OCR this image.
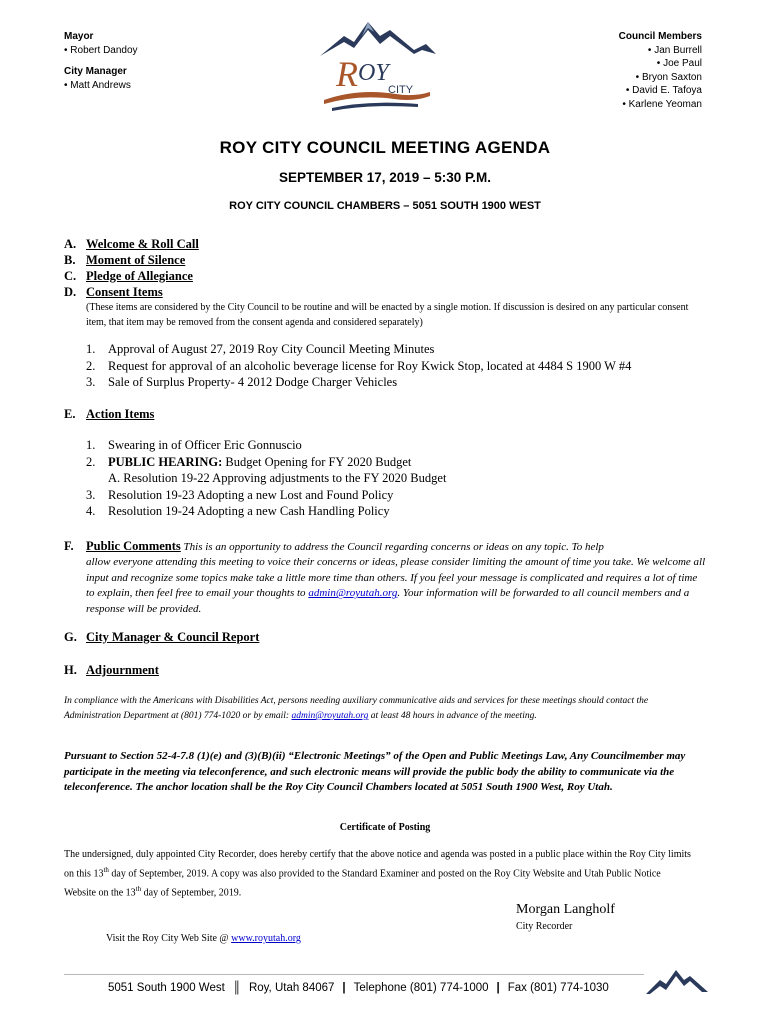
Mayor
• Robert Dandoy
City Manager
• Matt Andrews	R OY
CITY
Council Members
• Jan Burrell
• Joe Paul
• Bryon Saxton
• David E. Tafoya
• Karlene Yeoman
ROY CITY COUNCIL MEETING AGENDA
SEPTEMBER 17, 2019 – 5:30 P.M.
ROY CITY COUNCIL CHAMBERS – 5051 SOUTH 1900 WEST
A. Welcome & Roll Call
B. Moment of Silence
C. Pledge of Allegiance
D. Consent Items
(These items are considered by the City Council to be routine and will be enacted by a single motion. If discussion is desired on any particular consent item, that item may be removed from the consent agenda and considered separately)
1.	Approval of August 27, 2019 Roy City Council Meeting Minutes
2.	Request for approval of an alcoholic beverage license for Roy Kwick Stop, located at 4484 S 1900 W #4
3.	Sale of Surplus Property- 4 2012 Dodge Charger Vehicles
E. Action Items
1.	Swearing in of Officer Eric Gonnuscio
2.	PUBLIC HEARING: Budget Opening for FY 2020 Budget
A. Resolution 19-22 Approving adjustments to the FY 2020 Budget
3.	Resolution 19-23 Adopting a new Lost and Found Policy
4.	Resolution 19-24 Adopting a new Cash Handling Policy
F. Public Comments This is an opportunity to address the Council regarding concerns or ideas on any topic. To help
allow everyone attending this meeting to voice their concerns or ideas, please consider limiting the amount of time you take. We welcome all input and recognize some topics make take a little more time than others. If you feel your message is complicated and requires a lot of time to explain, then feel free to email your thoughts to admin@royutah.org. Your information will be forwarded to all council members and a response will be provided.
G. City Manager & Council Report
H. Adjournment
In compliance with the Americans with Disabilities Act, persons needing auxiliary communicative aids and services for these meetings should contact the Administration Department at (801) 774-1020 or by email: admin@royutah.org at least 48 hours in advance of the meeting.
Pursuant to Section 52-4-7.8 (1)(e) and (3)(B)(ii) “Electronic Meetings” of the Open and Public Meetings Law, Any Councilmember may participate in the meeting via teleconference, and such electronic means will provide the public body the ability to communicate via the teleconference. The anchor location shall be the Roy City Council Chambers located at 5051 South 1900 West, Roy Utah.
Certificate of Posting
The undersigned, duly appointed City Recorder, does hereby certify that the above notice and agenda was posted in a public place within the Roy City limits on this 13th day of September, 2019. A copy was also provided to the Standard Examiner and posted on the Roy City Website and Utah Public Notice Website on the 13th day of September, 2019.
Morgan Langholf
City Recorder
Visit the Roy City Web Site @ www.royutah.org
5051 South 1900 West ║ Roy, Utah 84067 | Telephone (801) 774-1000 | Fax (801) 774-1030
